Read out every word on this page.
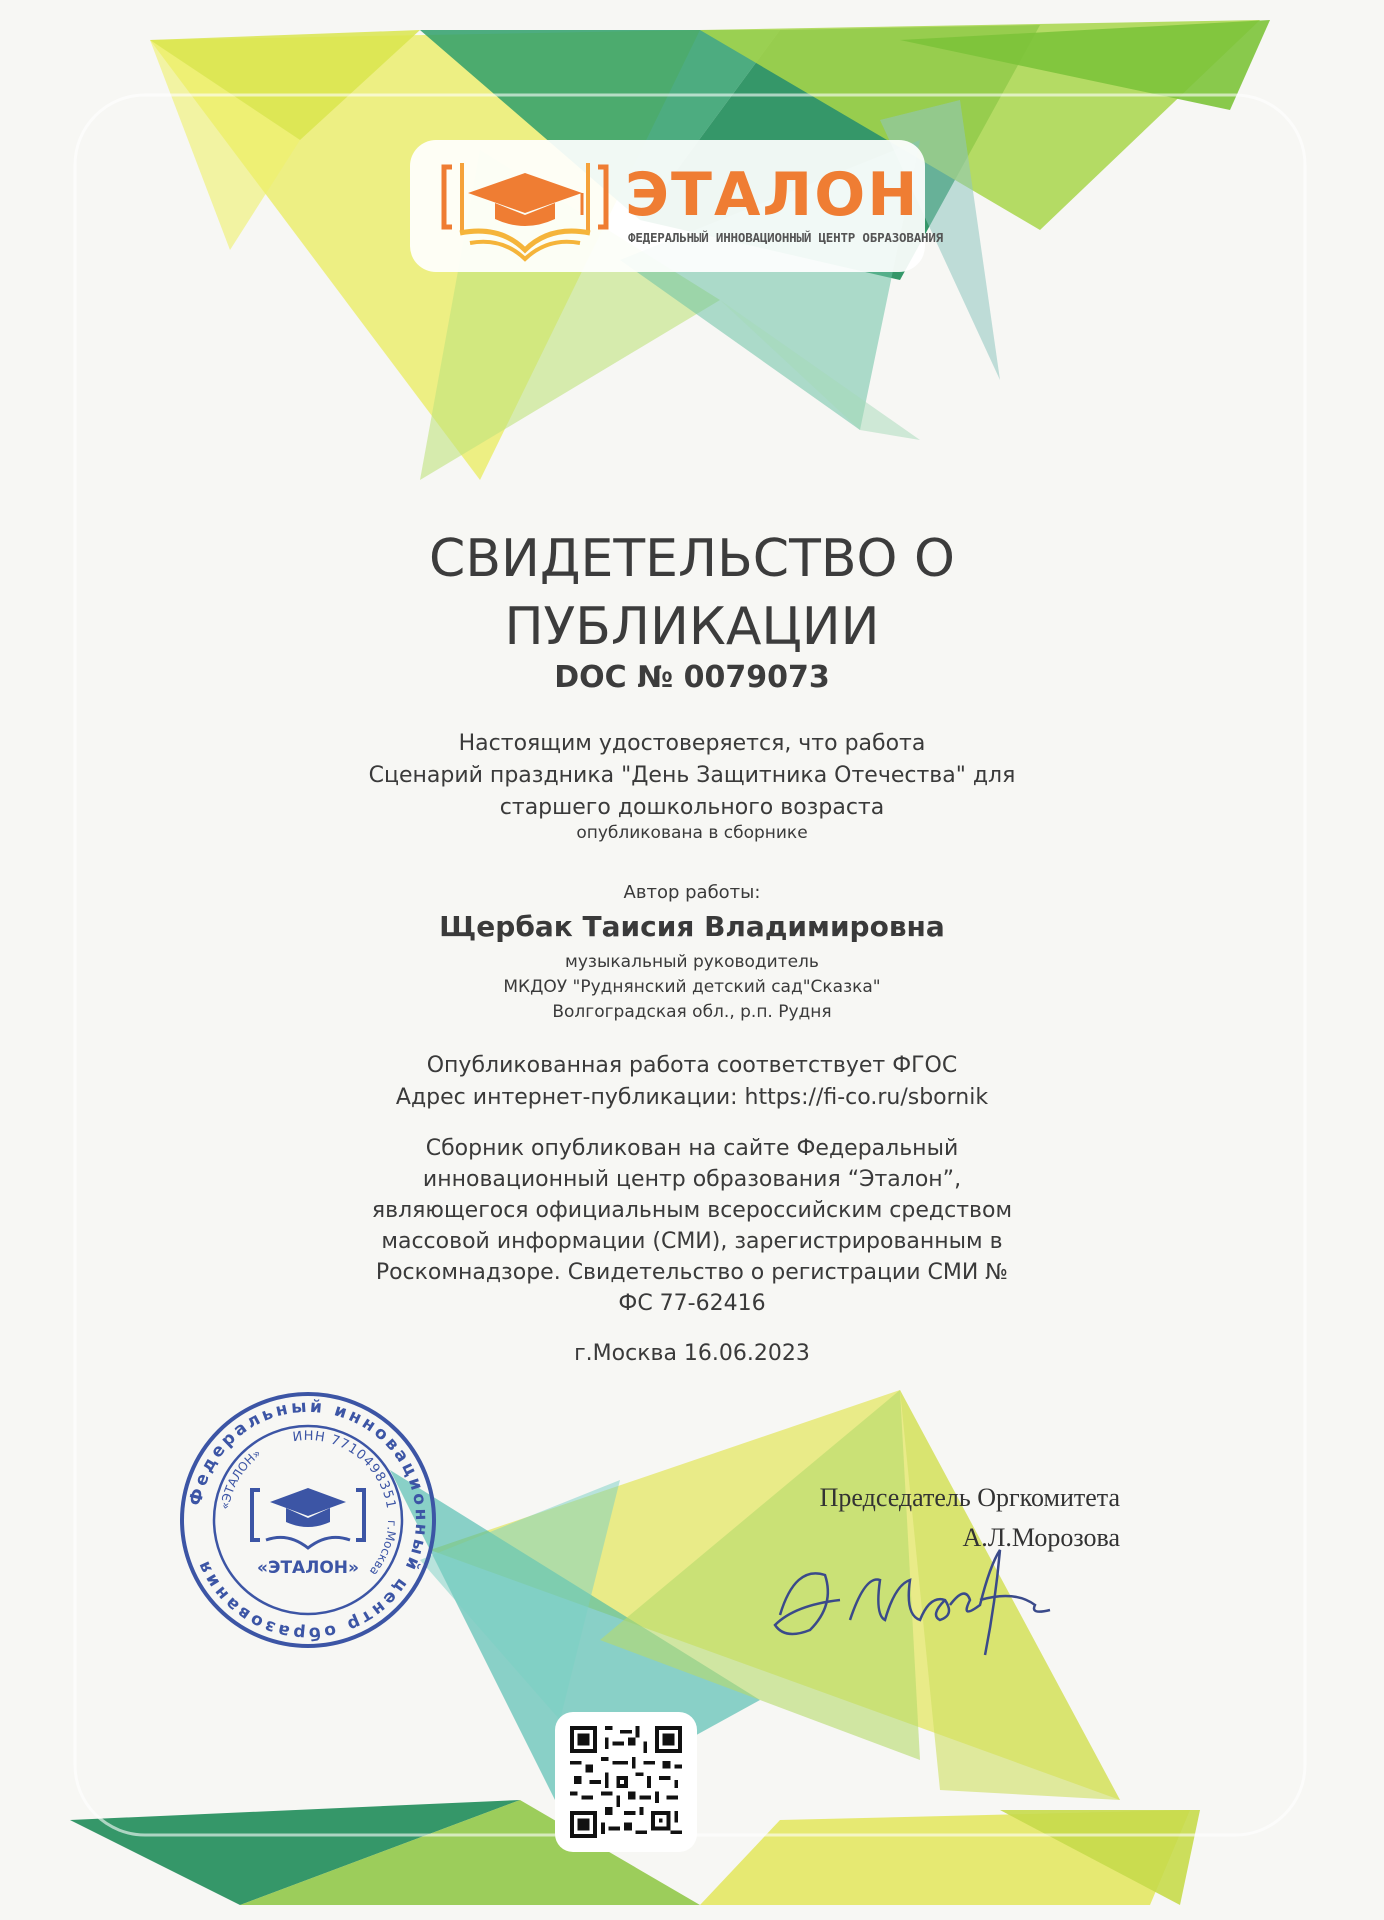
ЭТАЛОН
ФЕДЕРАЛЬНЫЙ ИННОВАЦИОННЫЙ ЦЕНТР ОБРАЗОВАНИЯ
СВИДЕТЕЛЬСТВО О
ПУБЛИКАЦИИ
DOC № 0079073
Настоящим удостоверяется, что работа
Сценарий праздника "День Защитника Отечества" для
старшего дошкольного возраста
опубликована в сборнике
Автор работы:
Щербак Таисия Владимировна
музыкальный руководитель
МКДОУ "Руднянский детский сад"Сказка"
Волгоградская обл., р.п. Рудня
Опубликованная работа соответствует ФГОС
Адрес интернет-публикации: https://fi-co.ru/sbornik
Сборник опубликован на сайте Федеральный
инновационный центр образования “Эталон”,
являющегося официальным всероссийским средством
массовой информации (СМИ), зарегистрированным в
Роскомнадзоре. Свидетельство о регистрации СМИ №
ФС 77-62416
г.Москва 16.06.2023
Председатель Оргкомитета
А.Л.Морозова
Федеральный инновационный центр образования
ИНН 7710498351
г.Москва
«ЭТАЛОН»
«ЭТАЛОН»
